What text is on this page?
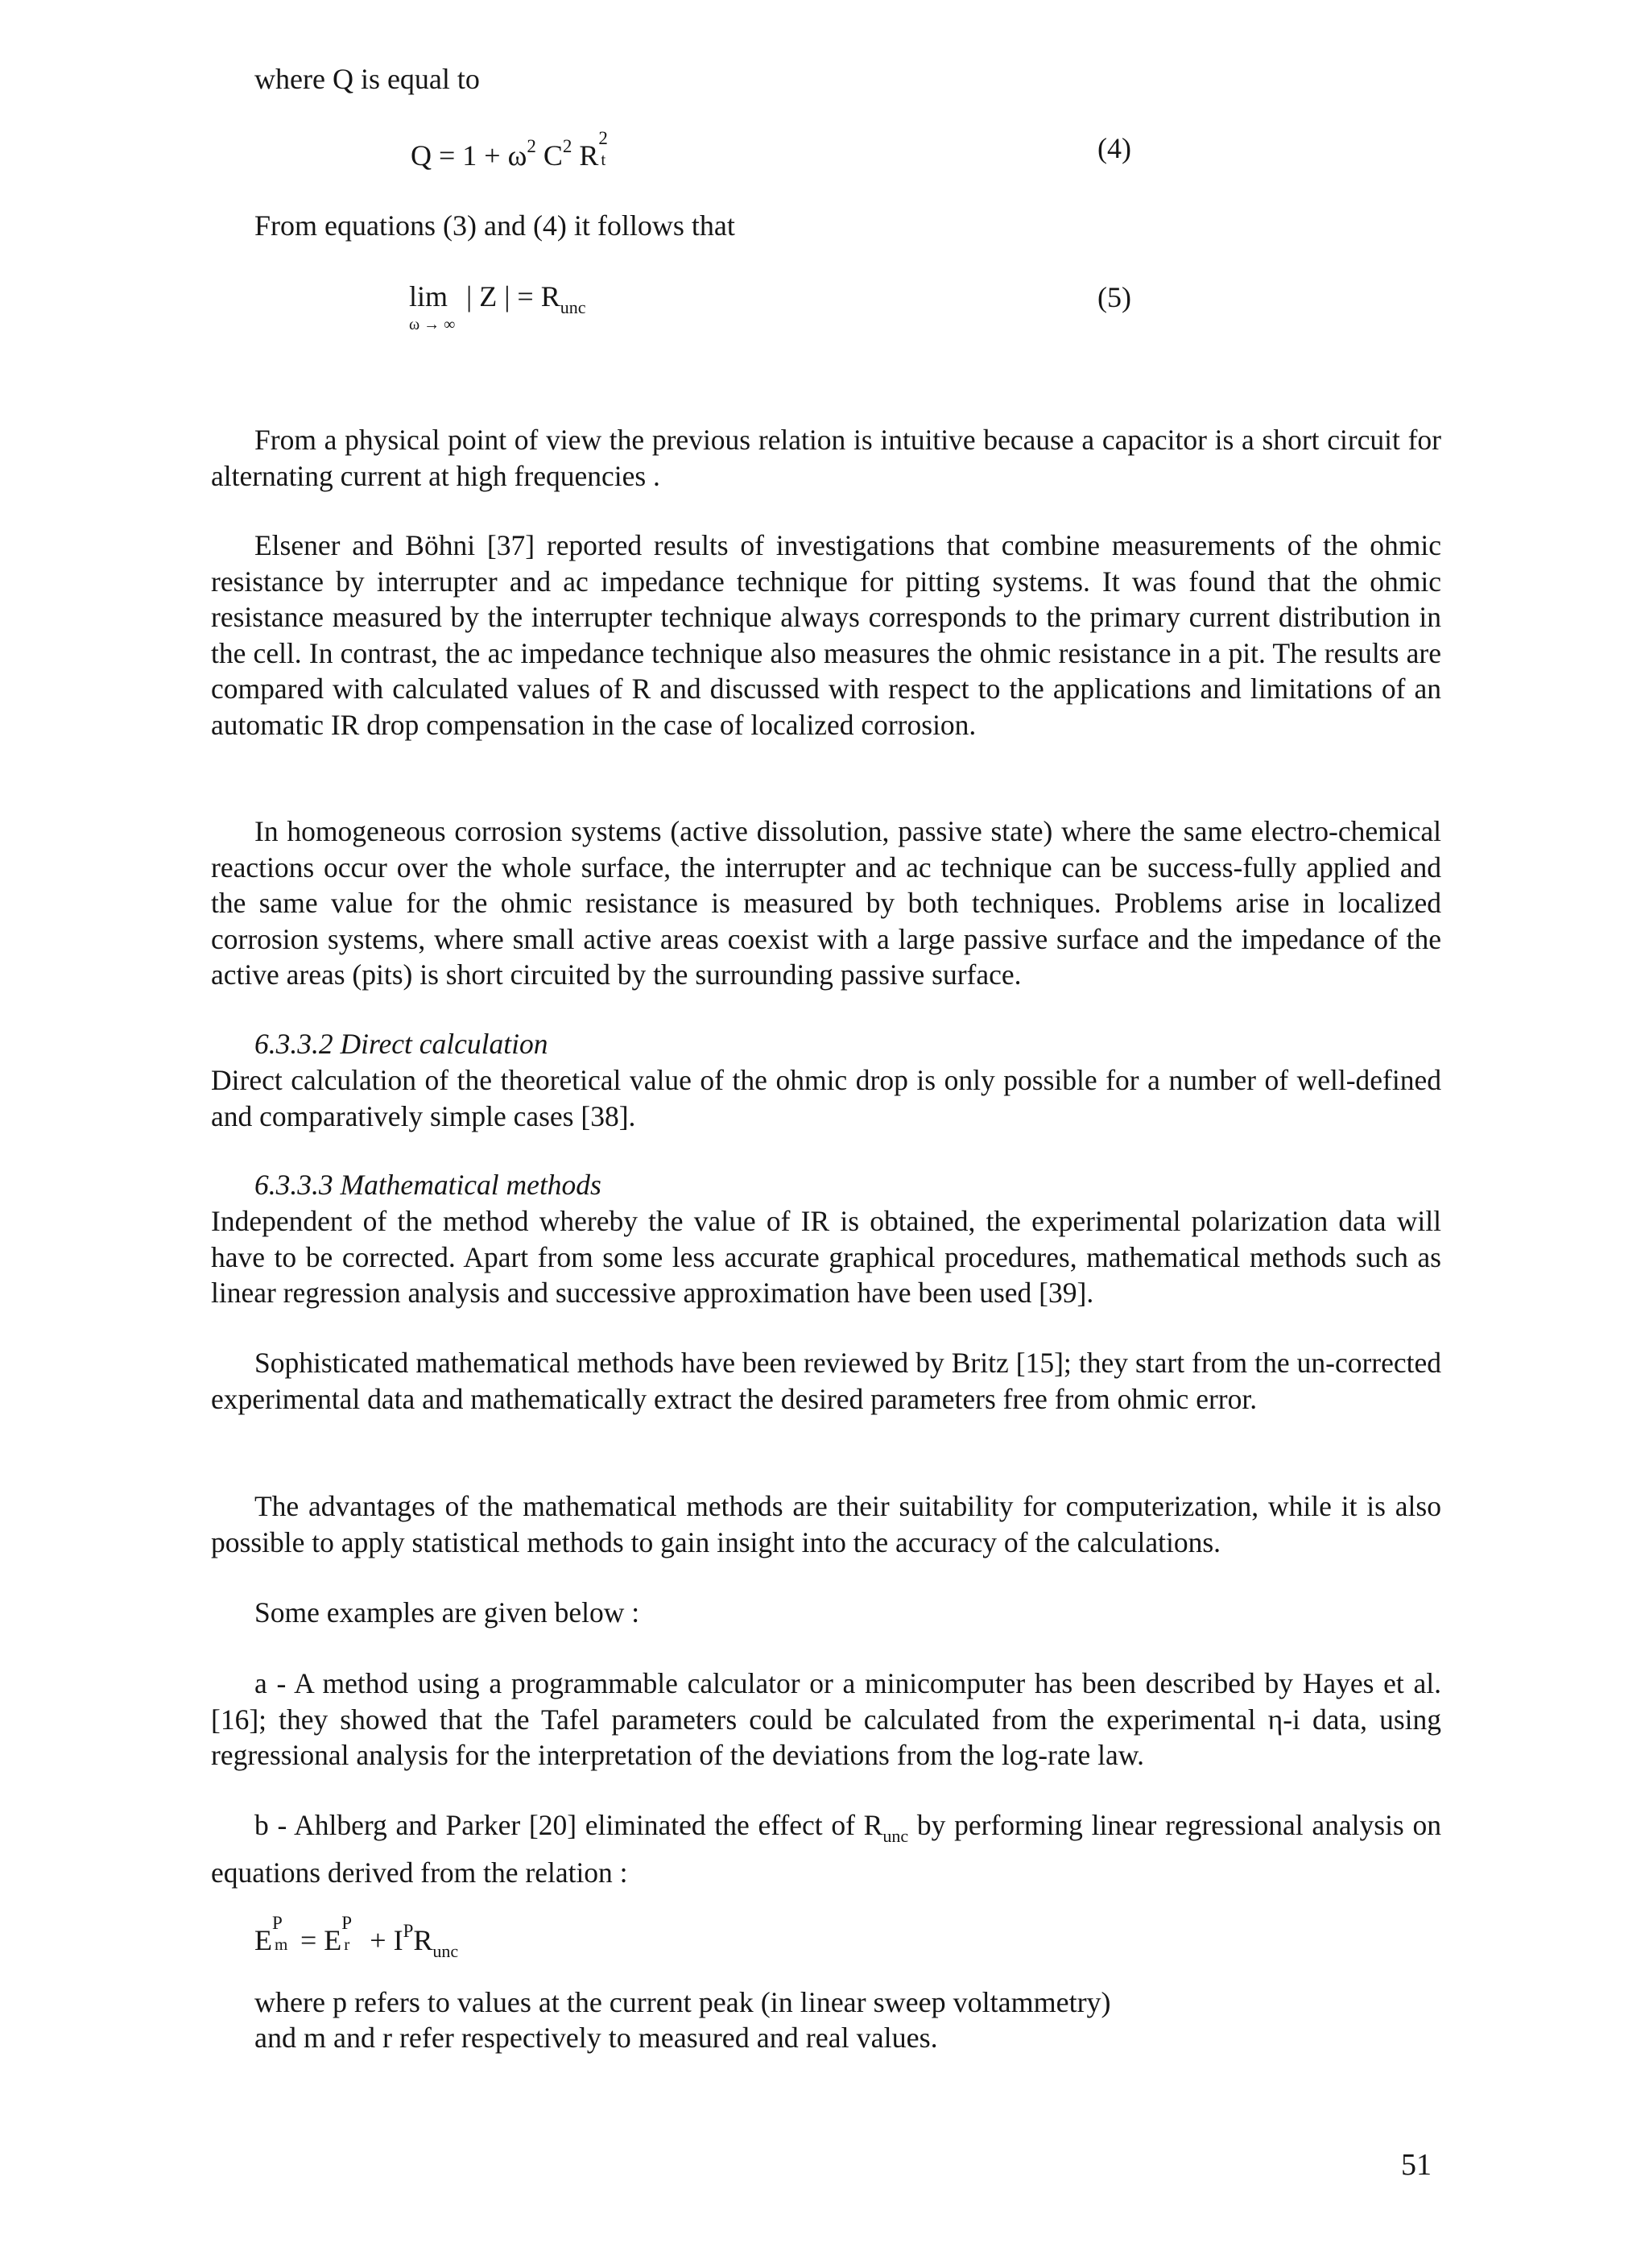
where Q is equal to
$Q = 1 + \omega^2$ $C^2$ R
2
t	(4)
From equations (3) and (4) it follows that
lim | Z | = $R_{unc}$
ω → ∞
(5)

From a physical point of view the previous relation is intuitive because a capacitor is a short circuit for alternating current at high frequencies .

Elsener and Böhni [37] reported results of investigations that combine measurements of the ohmic resistance by interrupter and ac impedance technique for pitting systems. It was found that the ohmic resistance measured by the interrupter technique always corresponds to the primary current distribution in the cell. In contrast, the ac impedance technique also measures the ohmic resistance in a pit. The results are compared with calculated values of R and discussed with respect to the applications and limitations of an automatic IR drop compensation in the case of localized corrosion.

In homogeneous corrosion systems (active dissolution, passive state) where the same electro-chemical reactions occur over the whole surface, the interrupter and ac technique can be success-fully applied and the same value for the ohmic resistance is measured by both techniques. Problems arise in localized corrosion systems, where small active areas coexist with a large passive surface and the impedance of the active areas (pits) is short circuited by the surrounding passive surface.

6.3.3.2 Direct calculation

Direct calculation of the theoretical value of the ohmic drop is only possible for a number of well-defined and comparatively simple cases [38].

6.3.3.3 Mathematical methods

Independent of the method whereby the value of IR is obtained, the experimental polarization data will have to be corrected. Apart from some less accurate graphical procedures, mathematical methods such as linear regression analysis and successive approximation have been used [39].

Sophisticated mathematical methods have been reviewed by Britz [15]; they start from the un-corrected experimental data and mathematically extract the desired parameters free from ohmic error.

The advantages of the mathematical methods are their suitability for computerization, while it is also possible to apply statistical methods to gain insight into the accuracy of the calculations.

Some examples are given below :

a - A method using a programmable calculator or a minicomputer has been described by Hayes et al. [16]; they showed that the Tafel parameters could be calculated from the experimental η-i data, using regressional analysis for the interpretation of the deviations from the log-rate law.

b - Ahlberg and Parker [20] eliminated the effect of $R_{unc}$ by performing linear regressional analysis on equations derived from the relation :

E
P
m = E
P
$r + I^PR_{unc}$
where p refers to values at the current peak (in linear sweep voltammetry)
and m and r refer respectively to measured and real values.
51
